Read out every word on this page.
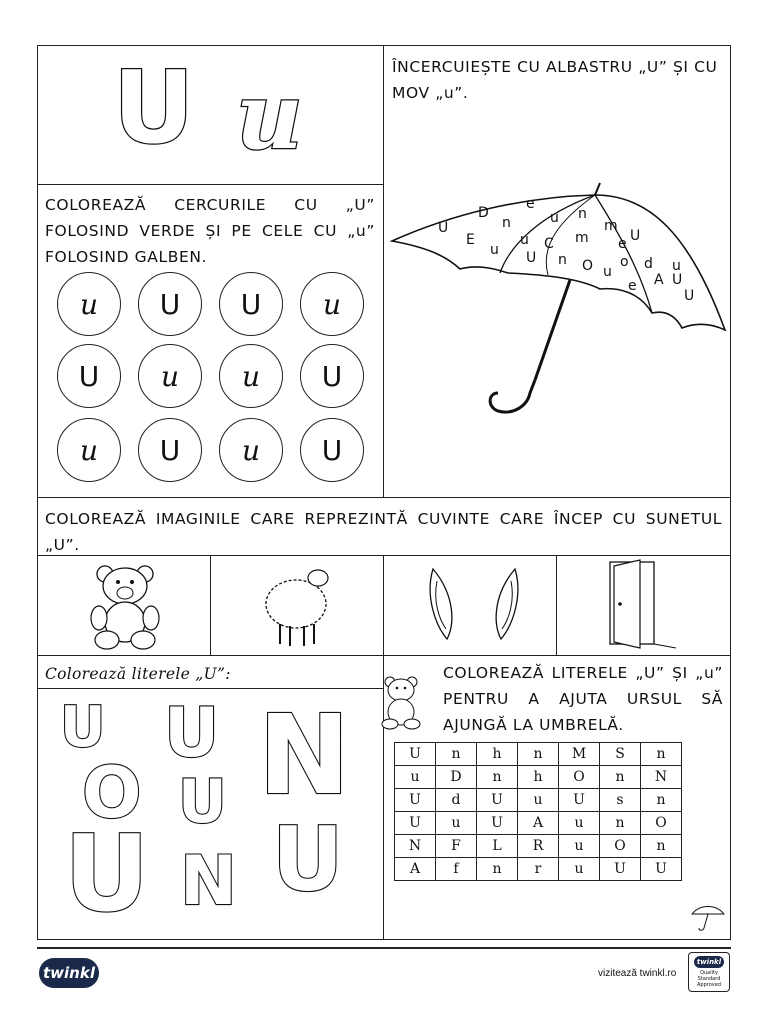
U u	ÎNCERCUIEȘTE CU ALBASTRU „U” ȘI CU MOV „u”.
U
D
e
n	u	m
E
n
u C m e U
u U n O u
o d u
U
e A
U
COLOREAZĂ CERCURILE CU „U” FOLOSIND VERDE ȘI PE CELE CU „u” FOLOSIND GALBEN.
u	U	U	u
U	u	u	U
u	U	u	U
COLOREAZĂ IMAGINILE CARE REPREZINTĂ CUVINTE CARE ÎNCEP CU SUNETUL „U”.
Colorează literele „U”:
U U N
O U
U N U
COLOREAZĂ LITERELE „U” ȘI „u” PENTRU A AJUTA URSUL SĂ AJUNGĂ LA UMBRELĂ.
U	n	h	n	M	S	n
u	D	n	h	O	n	N
U	d	U	u	U	s	n
U	u	U	A	u	n	O
N	F	L	R	u	O	n
A	f	n	r	u	U	U
twinkl	vizitează twinkl.ro
twinkl
Quality Standard Approved
